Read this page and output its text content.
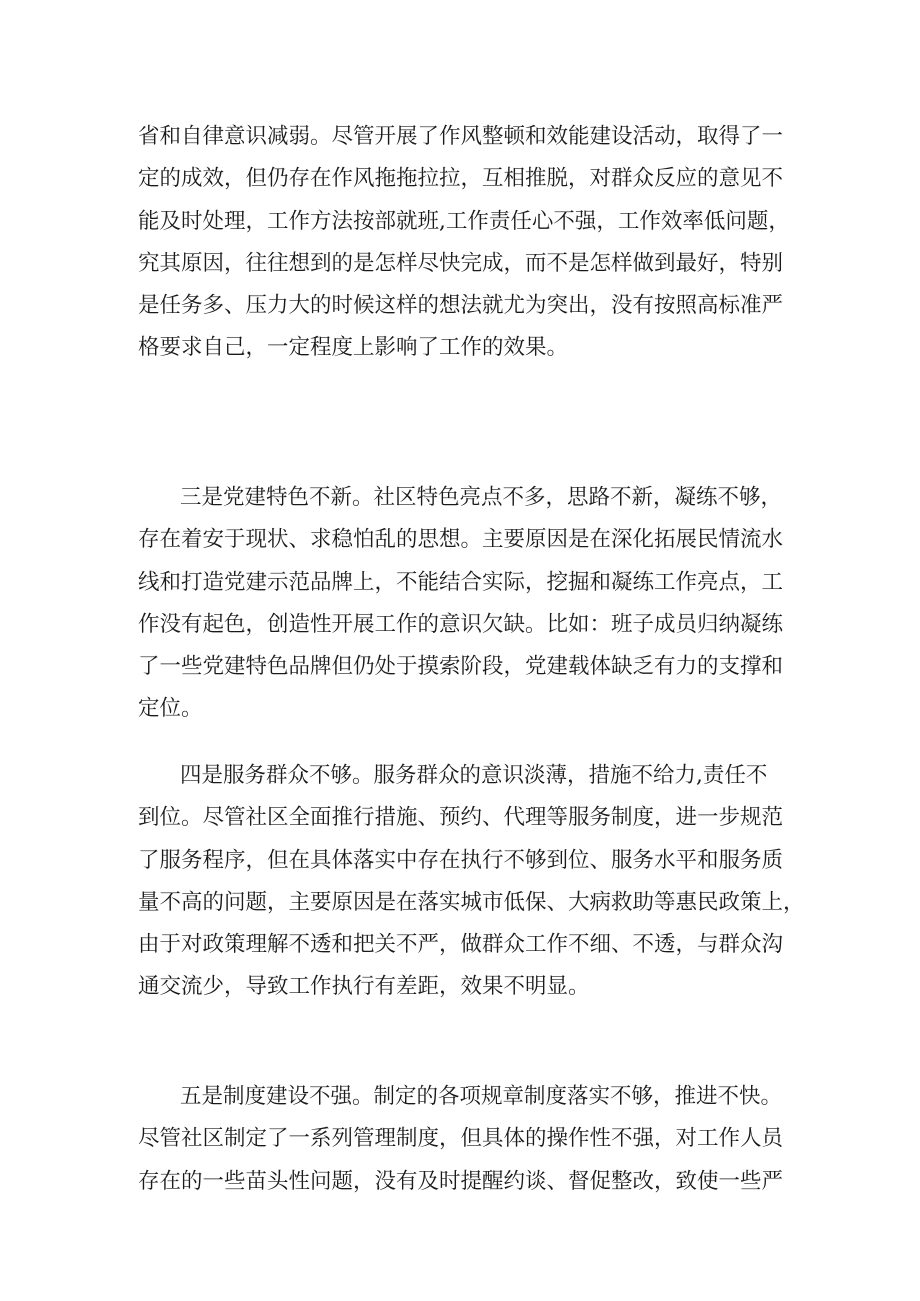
省和自律意识减弱。尽管开展了作风整顿和效能建设活动，取得了一
定的成效，但仍存在作风拖拖拉拉，互相推脱，对群众反应的意见不
能及时处理，工作方法按部就班,工作责任心不强，工作效率低问题，
究其原因，往往想到的是怎样尽快完成，而不是怎样做到最好，特别
是任务多、压力大的时候这样的想法就尤为突出，没有按照高标准严
格要求自己，一定程度上影响了工作的效果。

三是党建特色不新。社区特色亮点不多，思路不新，凝练不够，
存在着安于现状、求稳怕乱的思想。主要原因是在深化拓展民情流水
线和打造党建示范品牌上，不能结合实际，挖掘和凝练工作亮点，工
作没有起色，创造性开展工作的意识欠缺。比如：班子成员归纳凝练
了一些党建特色品牌但仍处于摸索阶段，党建载体缺乏有力的支撑和
定位。

四是服务群众不够。服务群众的意识淡薄，措施不给力,责任不
到位。尽管社区全面推行措施、预约、代理等服务制度，进一步规范
了服务程序，但在具体落实中存在执行不够到位、服务水平和服务质
量不高的问题，主要原因是在落实城市低保、大病救助等惠民政策上，
由于对政策理解不透和把关不严，做群众工作不细、不透，与群众沟
通交流少，导致工作执行有差距，效果不明显。

五是制度建设不强。制定的各项规章制度落实不够，推进不快。
尽管社区制定了一系列管理制度，但具体的操作性不强，对工作人员
存在的一些苗头性问题，没有及时提醒约谈、督促整改，致使一些严
